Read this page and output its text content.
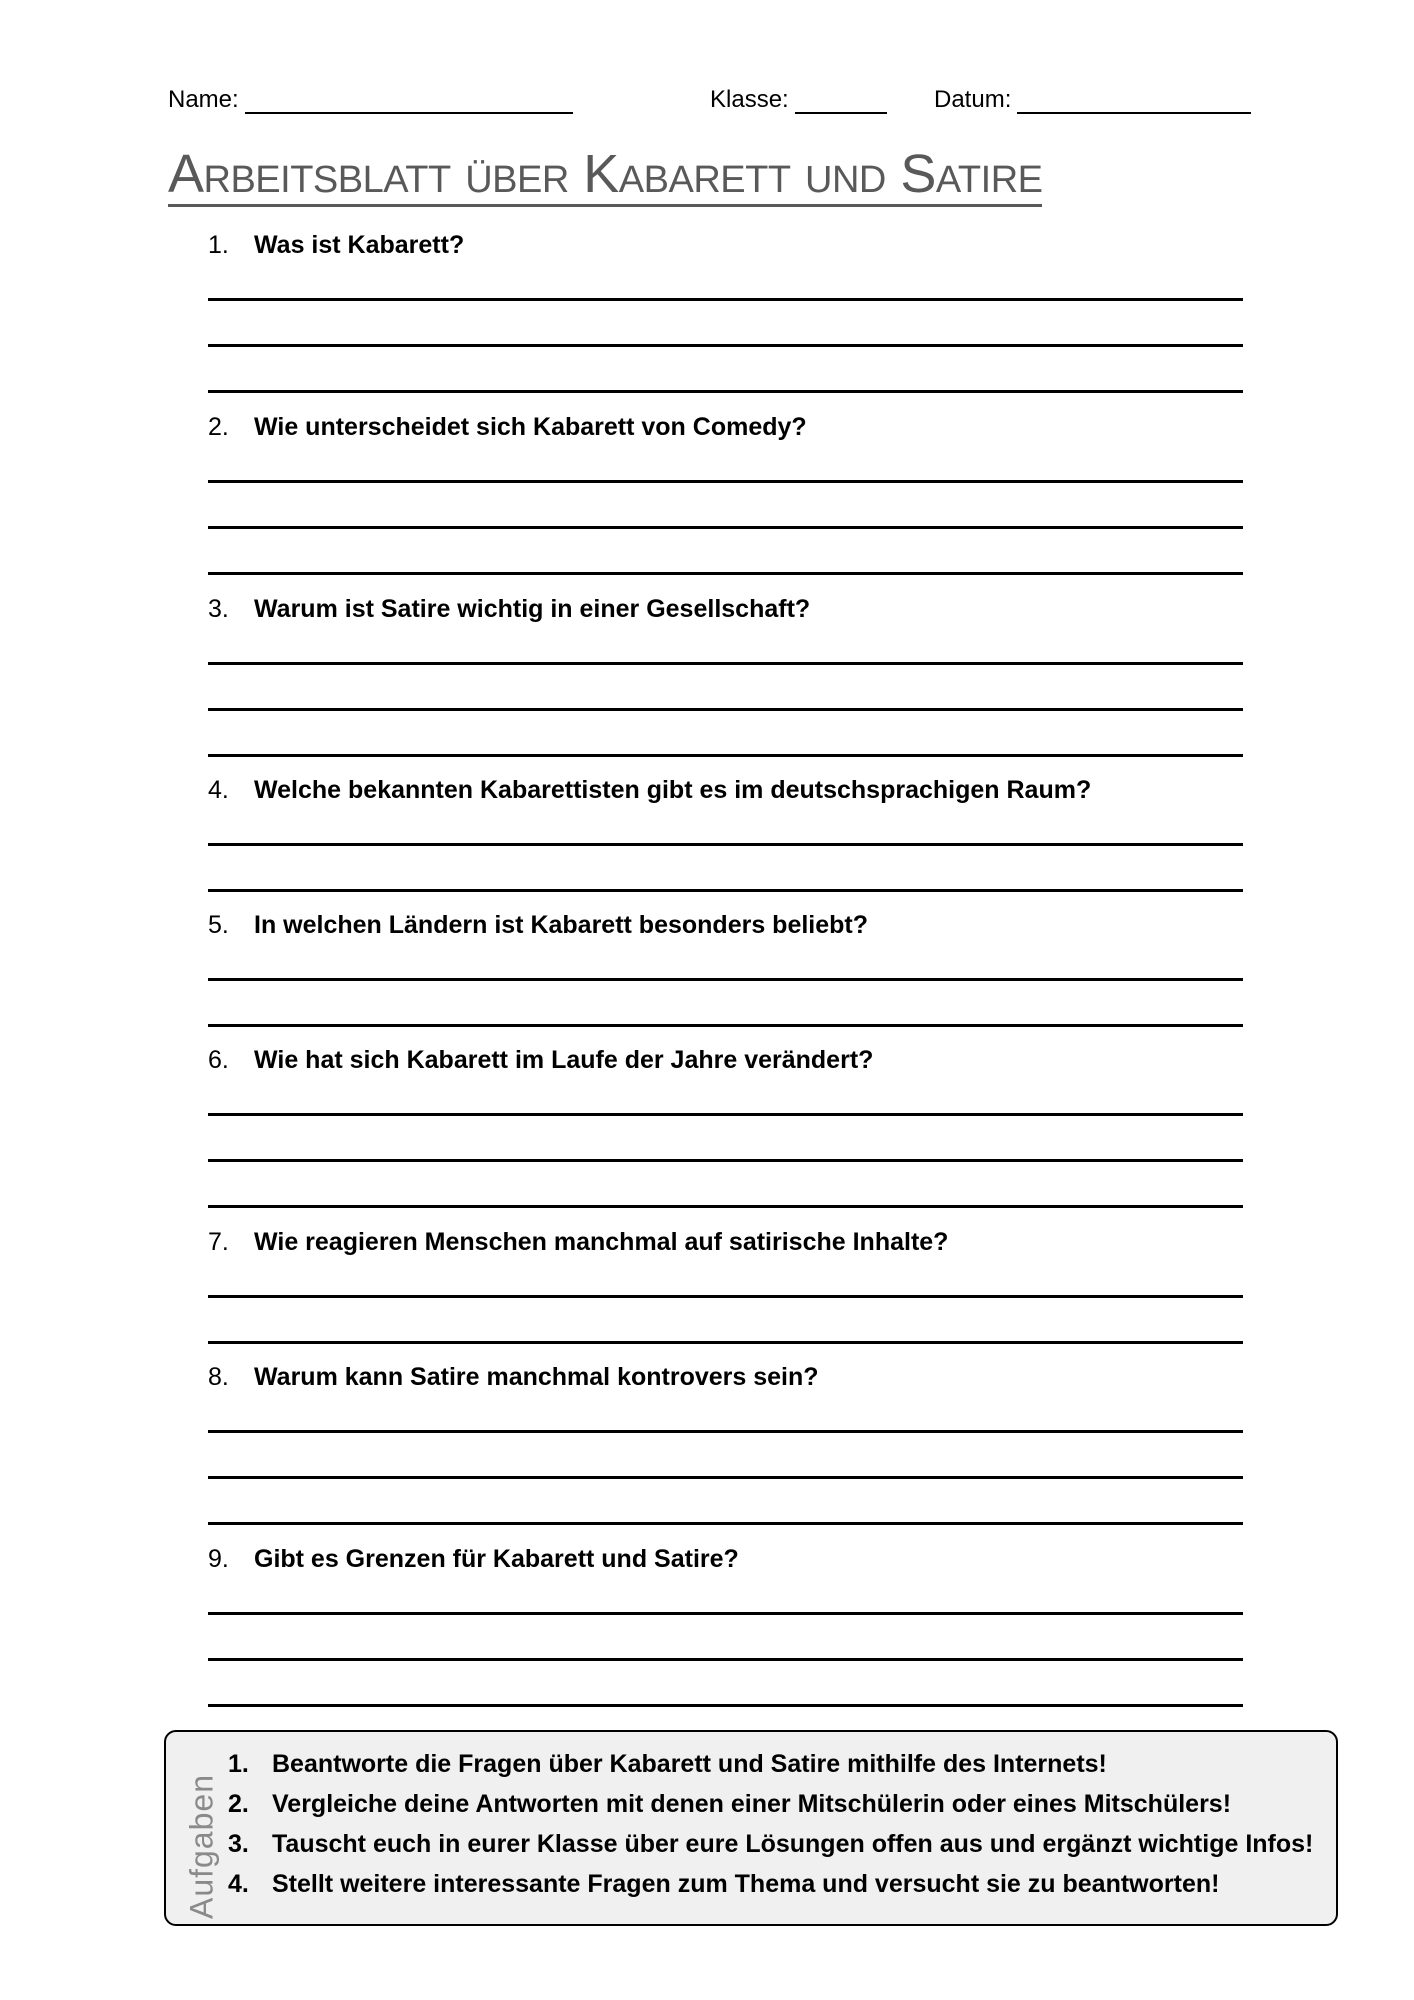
Name:	Klasse:	Datum:
Arbeitsblatt über Kabarett und Satire
1.	Was ist Kabarett?
2.	Wie unterscheidet sich Kabarett von Comedy?
3.	Warum ist Satire wichtig in einer Gesellschaft?
4.	Welche bekannten Kabarettisten gibt es im deutschsprachigen Raum?
5.	In welchen Ländern ist Kabarett besonders beliebt?
6.	Wie hat sich Kabarett im Laufe der Jahre verändert?
7.	Wie reagieren Menschen manchmal auf satirische Inhalte?
8.	Warum kann Satire manchmal kontrovers sein?
9.	Gibt es Grenzen für Kabarett und Satire?
Aufgaben
1. Beantworte die Fragen über Kabarett und Satire mithilfe des Internets!
2. Vergleiche deine Antworten mit denen einer Mitschülerin oder eines Mitschülers!
3. Tauscht euch in eurer Klasse über eure Lösungen offen aus und ergänzt wichtige Infos!
4. Stellt weitere interessante Fragen zum Thema und versucht sie zu beantworten!
